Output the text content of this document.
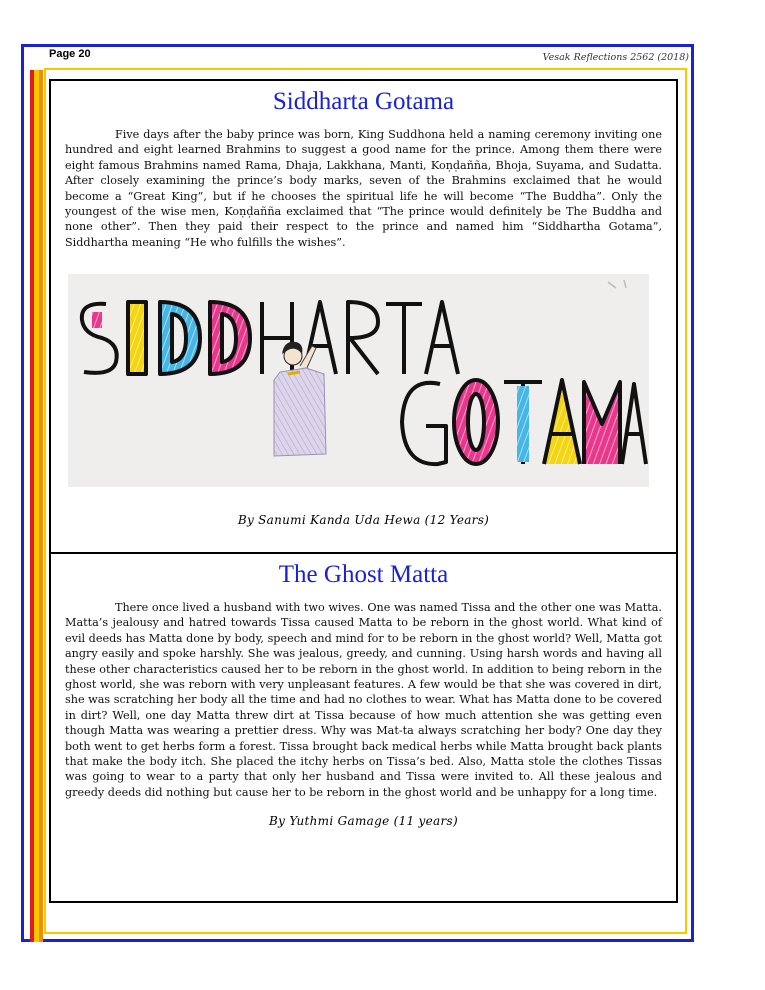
Page 20	Vesak Reflections 2562 (2018)
Siddharta Gotama

Five days after the baby prince was born, King Suddhona held a naming ceremony inviting one hundred and eight learned Brahmins to suggest a good name for the prince. Among them there were eight famous Brahmins named Rama, Dhaja, Lakkhana, Manti, Koṇḍañña, Bhoja, Suyama, and Sudatta. After closely examining the prince’s body marks, seven of the Brahmins exclaimed that he would become a “Great King”, but if he chooses the spiritual life he will become “The Buddha”. Only the youngest of the wise men, Koṇḍañña exclaimed that “The prince would definitely be The Buddha and none other”. Then they paid their respect to the prince and named him “Siddhartha Gotama”, Siddhartha meaning “He who fulfills the wishes”.

By Sanumi Kanda Uda Hewa (12 Years)
The Ghost Matta

There once lived a husband with two wives. One was named Tissa and the other one was Matta. Matta’s jealousy and hatred towards Tissa caused Matta to be reborn in the ghost world. What kind of evil deeds has Matta done by body, speech and mind for to be reborn in the ghost world? Well, Matta got angry easily and spoke harshly. She was jealous, greedy, and cunning. Using harsh words and having all these other characteristics caused her to be reborn in the ghost world. In addition to being reborn in the ghost world, she was reborn with very unpleasant features. A few would be that she was covered in dirt, she was scratching her body all the time and had no clothes to wear. What has Matta done to be covered in dirt? Well, one day Matta threw dirt at Tissa because of how much attention she was getting even though Matta was wearing a prettier dress. Why was Mat-ta always scratching her body? One day they both went to get herbs form a forest. Tissa brought back medical herbs while Matta brought back plants that make the body itch. She placed the itchy herbs on Tissa’s bed. Also, Matta stole the clothes Tissas was going to wear to a party that only her husband and Tissa were invited to. All these jealous and greedy deeds did nothing but cause her to be reborn in the ghost world and be unhappy for a long time.

By Yuthmi Gamage (11 years)
